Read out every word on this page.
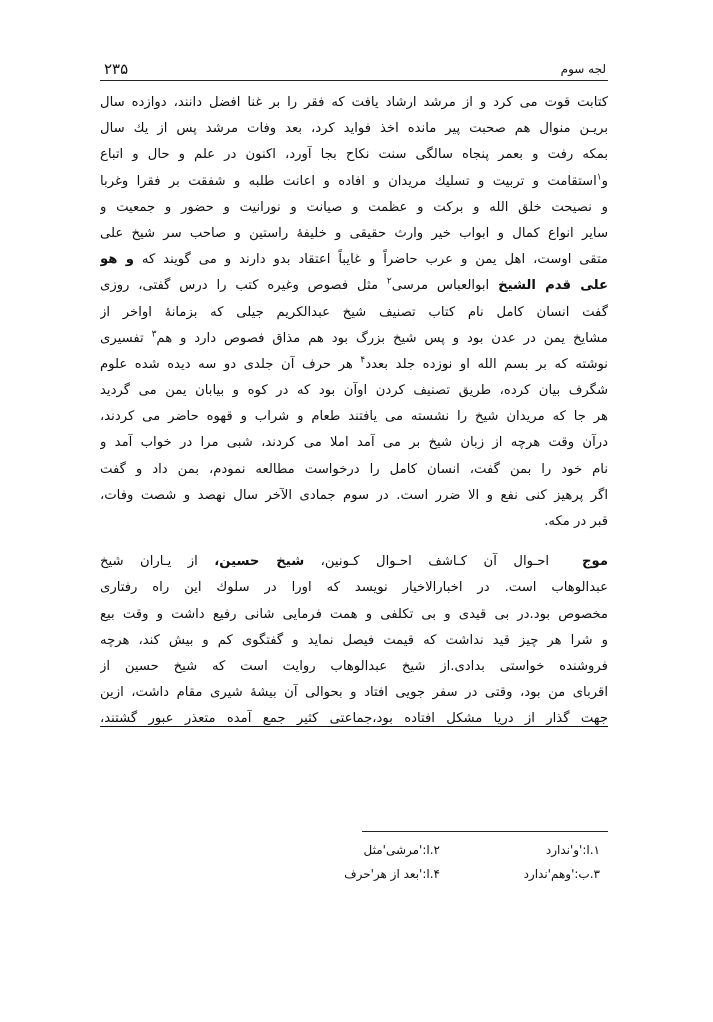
۲۳۵	لجه سوم
کتابت قوت می کرد و از مرشد ارشاد یافت که فقر را بر غنا افضل دانند، دوازده سال
بریـن منوال هم صحبت پیر مانده اخذ فواید کرد، بعد وفات مرشد پس از یك سال
بمکه رفت و بعمر پنجاه سالگی سنت نکاح بجا آورد، اکنون در علم و حال و اتباع
و$^۱$استقامت و تربیت و تسلیك مریدان و افاده و اعانت طلبه و شفقت بر فقرا وغربا
و نصیحت خلق الله و برکت و عظمت و صیانت و نورانیت و حضور و جمعیت و
سایر انواع کمال و ابواب خیر وارث حقیقی و خلیفهٔ راستین و صاحب سر شیخ علی
متقی اوست، اهل یمن و عرب حاضراً و غایباً اعتقاد بدو دارند و می گویند که و هو
علی قدم الشیخ ابوالعباس مرسی$^۲$ مثل فصوص وغیره کتب را درس گفتی، روزی
گفت انسان کامل نام کتاب تصنیف شیخ عبدالکریم جیلی که بزمانهٔ اواخر از
مشایخ یمن در عدن بود و پس شیخ بزرگ بود هم مذاق فصوص دارد و هم$^۳$ تفسیری
نوشته که بر بسم الله او نوزده جلد بعدد$^۴$ هر حرف آن جلدی دو سه دیده شده علوم
شگرف بیان کرده، طریق تصنیف کردن اوآن بود که در کوه و بیابان یمن می گردید
هر جا که مریدان شیخ را نشسته می یافتند طعام و شراب و قهوه حاضر می کردند،
درآن وقت هرچه از زبان شیخ بر می آمد املا می کردند، شبی مرا در خواب آمد و
نام خود را بمن گفت، انسان کامل را درخواست مطالعه نمودم، بمن داد و گفت
اگر پرهیز کنی نفع و الا ضرر است. در سوم جمادی الآخر سال نهصد و شصت وفات،
قبر در مکه.
موج  احـوال آن کـاشف احـوال کـونین، شیخ حسین، از یـاران شیخ
عبدالوهاب است. در اخبارالاخیار نویسد که اورا در سلوك این راه رفتاری
مخصوص بود.در بی قیدی و بی تکلفی و همت فرمایی شانی رفیع داشت و وقت بیع
و شرا هر چیز قید نداشت که قیمت فیصل نماید و گفتگوی کم و بیش کند، هرچه
فروشنده خواستی بدادی.از شیخ عبدالوهاب روایت است که شیخ حسین از
اقربای من بود، وقتی در سفر جویی افتاد و بحوالی آن بیشهٔ شیری مقام داشت، ازین
جهت گذار از دریا مشکل افتاده بود،جماعتی کثیر جمع آمده متعذر عبور گشتند،
۱.ا:'و'ندارد
۲.ا:'مرشی'مثل
۳.ب:'وهم'ندارد
۴.ا:'بعد از هر'حرف
